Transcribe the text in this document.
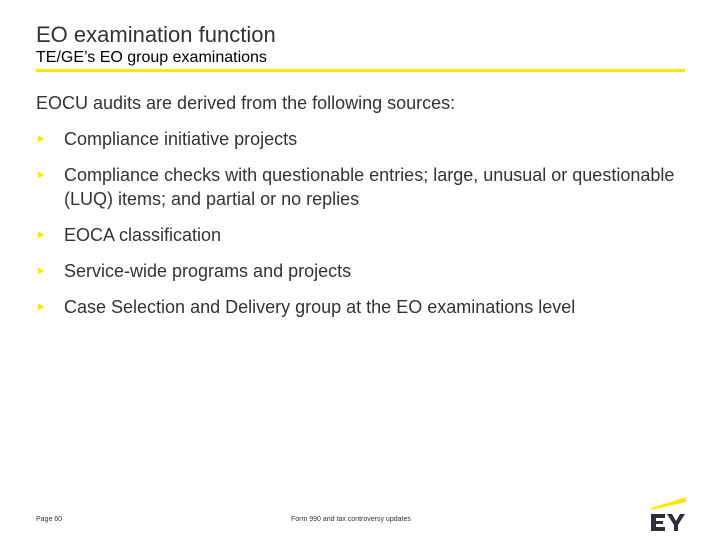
EO examination function
TE/GE’s EO group examinations
EOCU audits are derived from the following sources:
► Compliance initiative projects
► Compliance checks with questionable entries; large, unusual or questionable (LUQ) items; and partial or no replies
► EOCA classification
► Service-wide programs and projects
► Case Selection and Delivery group at the EO examinations level
Page 60	Form 990 and tax controversy updates
